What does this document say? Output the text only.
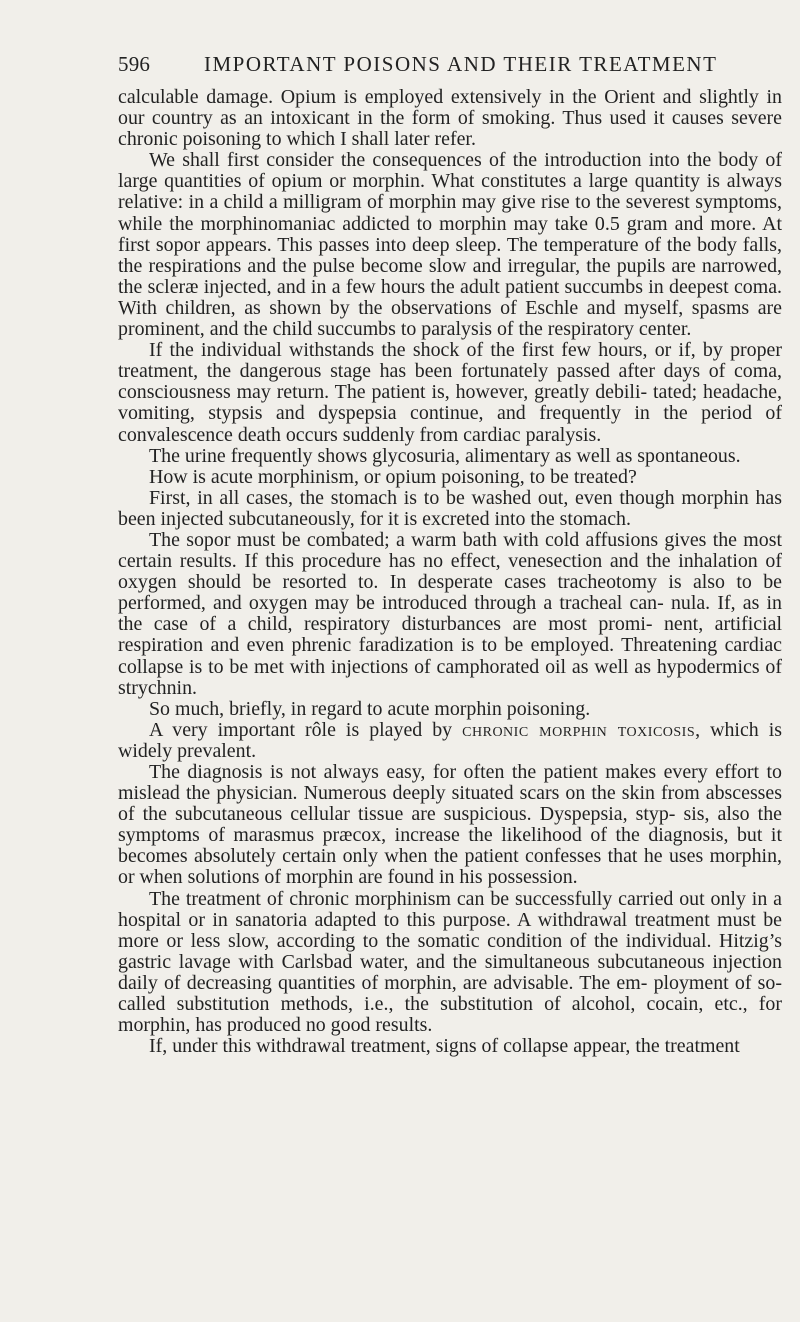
596	IMPORTANT POISONS AND THEIR TREATMENT

calculable damage. Opium is employed extensively in the Orient and slightly in our country as an intoxicant in the form of smoking. Thus used it causes severe chronic poisoning to which I shall later refer.

We shall first consider the consequences of the introduction into the body of large quantities of opium or morphin. What constitutes a large quantity is always relative: in a child a milligram of morphin may give rise to the severest symptoms, while the morphinomaniac addicted to morphin may take 0.5 gram and more. At first sopor appears. This passes into deep sleep. The temperature of the body falls, the respirations and the pulse become slow and irregular, the pupils are narrowed, the scleræ injected, and in a few hours the adult patient succumbs in deepest coma. With children, as shown by the observations of Eschle and myself, spasms are prominent, and the child succumbs to paralysis of the respiratory center.

If the individual withstands the shock of the first few hours, or if, by proper treatment, the dangerous stage has been fortunately passed after days of coma, consciousness may return. The patient is, however, greatly debili- tated; headache, vomiting, stypsis and dyspepsia continue, and frequently in the period of convalescence death occurs suddenly from cardiac paralysis.

The urine frequently shows glycosuria, alimentary as well as spontaneous.

How is acute morphinism, or opium poisoning, to be treated?

First, in all cases, the stomach is to be washed out, even though morphin has been injected subcutaneously, for it is excreted into the stomach.

The sopor must be combated; a warm bath with cold affusions gives the most certain results. If this procedure has no effect, venesection and the inhalation of oxygen should be resorted to. In desperate cases tracheotomy is also to be performed, and oxygen may be introduced through a tracheal can- nula. If, as in the case of a child, respiratory disturbances are most promi- nent, artificial respiration and even phrenic faradization is to be employed. Threatening cardiac collapse is to be met with injections of camphorated oil as well as hypodermics of strychnin.

So much, briefly, in regard to acute morphin poisoning.

A very important rôle is played by chronic morphin toxicosis, which is widely prevalent.

The diagnosis is not always easy, for often the patient makes every effort to mislead the physician. Numerous deeply situated scars on the skin from abscesses of the subcutaneous cellular tissue are suspicious. Dyspepsia, styp- sis, also the symptoms of marasmus præcox, increase the likelihood of the diagnosis, but it becomes absolutely certain only when the patient confesses that he uses morphin, or when solutions of morphin are found in his possession.

The treatment of chronic morphinism can be successfully carried out only in a hospital or in sanatoria adapted to this purpose. A withdrawal treatment must be more or less slow, according to the somatic condition of the individual. Hitzig’s gastric lavage with Carlsbad water, and the simultaneous subcutaneous injection daily of decreasing quantities of morphin, are advisable. The em- ployment of so-called substitution methods, i.e., the substitution of alcohol, cocain, etc., for morphin, has produced no good results.

If, under this withdrawal treatment, signs of collapse appear, the treatment
